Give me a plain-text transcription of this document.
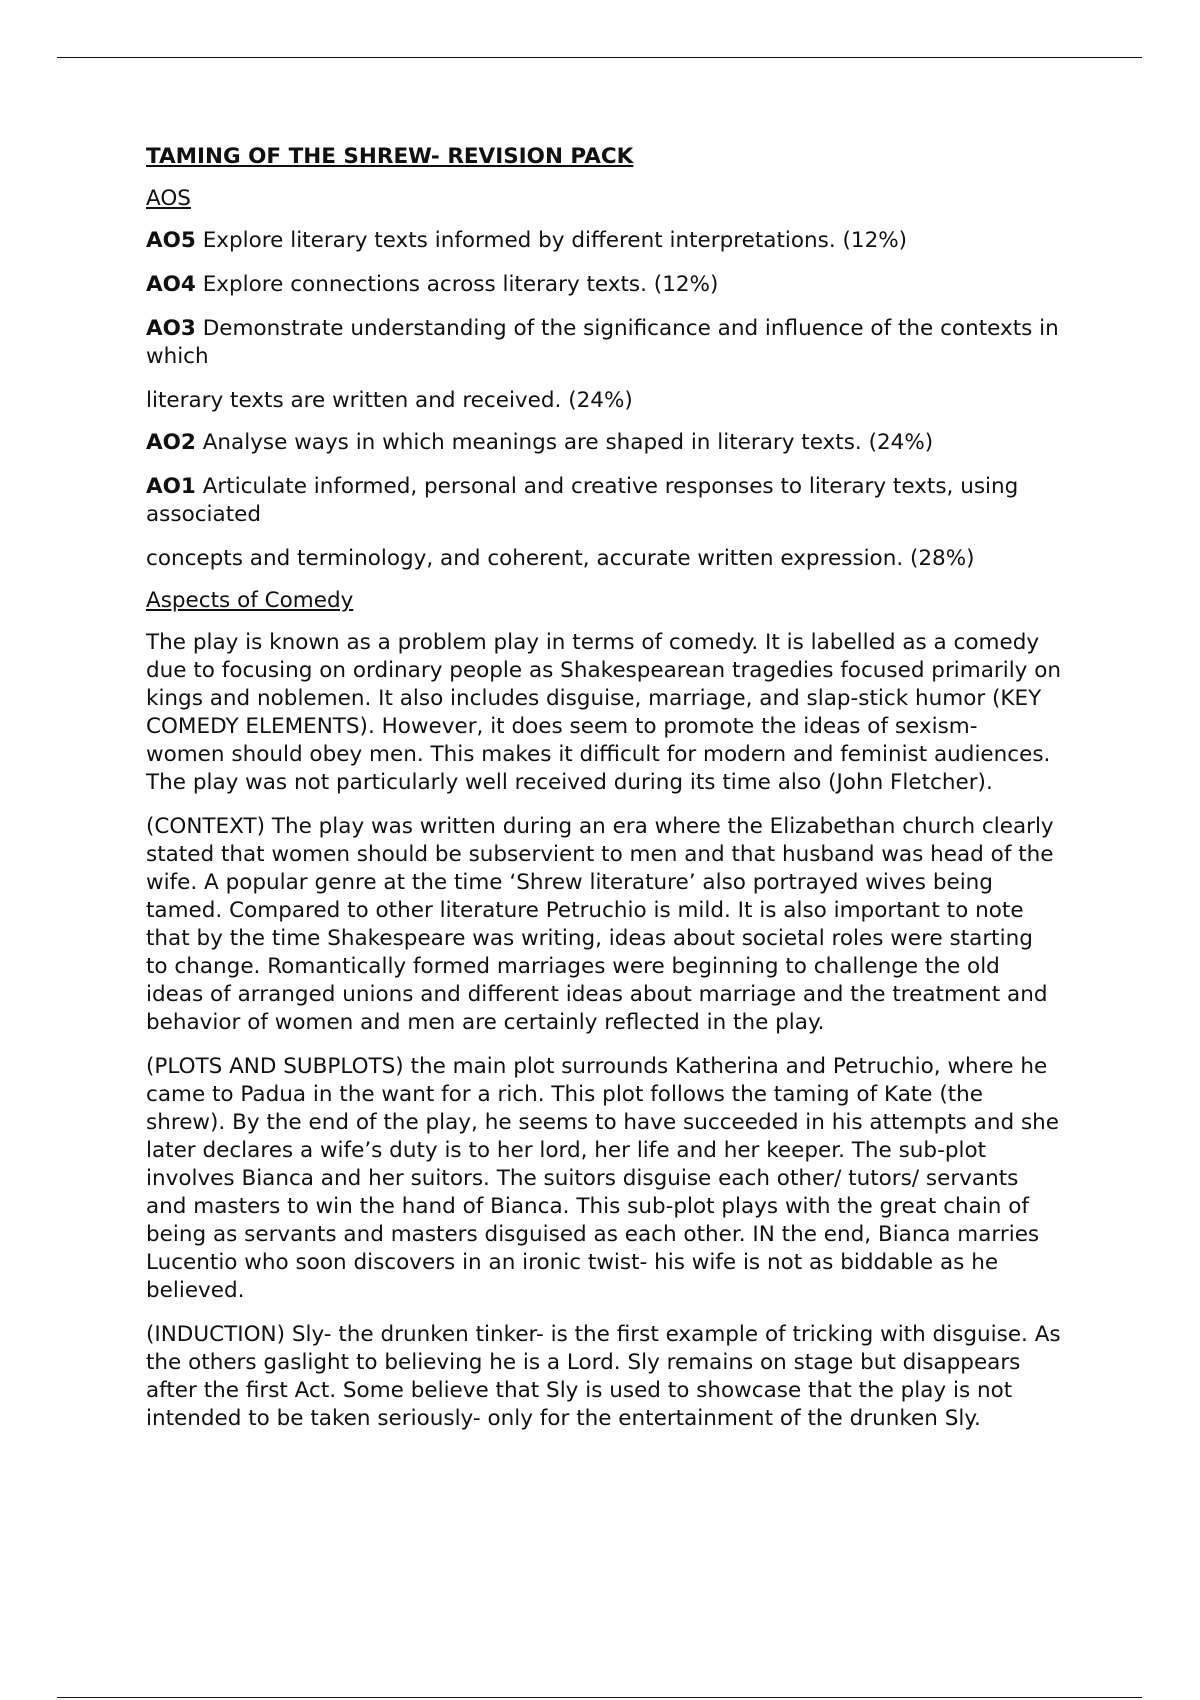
TAMING OF THE SHREW- REVISION PACK

AOS

AO5 Explore literary texts informed by different interpretations. (12%)

AO4 Explore connections across literary texts. (12%)

AO3 Demonstrate understanding of the significance and influence of the contexts in which

literary texts are written and received. (24%)

AO2 Analyse ways in which meanings are shaped in literary texts. (24%)

AO1 Articulate informed, personal and creative responses to literary texts, using associated

concepts and terminology, and coherent, accurate written expression. (28%)

Aspects of Comedy

The play is known as a problem play in terms of comedy. It is labelled as a comedy due to focusing on ordinary people as Shakespearean tragedies focused primarily on kings and noblemen. It also includes disguise, marriage, and slap-stick humor (KEY COMEDY ELEMENTS). However, it does seem to promote the ideas of sexism- women should obey men. This makes it difficult for modern and feminist audiences. The play was not particularly well received during its time also (John Fletcher).

(CONTEXT) The play was written during an era where the Elizabethan church clearly stated that women should be subservient to men and that husband was head of the wife. A popular genre at the time ‘Shrew literature’ also portrayed wives being tamed. Compared to other literature Petruchio is mild. It is also important to note that by the time Shakespeare was writing, ideas about societal roles were starting to change. Romantically formed marriages were beginning to challenge the old ideas of arranged unions and different ideas about marriage and the treatment and behavior of women and men are certainly reflected in the play.

(PLOTS AND SUBPLOTS) the main plot surrounds Katherina and Petruchio, where he came to Padua in the want for a rich. This plot follows the taming of Kate (the shrew). By the end of the play, he seems to have succeeded in his attempts and she later declares a wife’s duty is to her lord, her life and her keeper. The sub-plot involves Bianca and her suitors. The suitors disguise each other/ tutors/ servants and masters to win the hand of Bianca. This sub-plot plays with the great chain of being as servants and masters disguised as each other. IN the end, Bianca marries Lucentio who soon discovers in an ironic twist- his wife is not as biddable as he believed.

(INDUCTION) Sly- the drunken tinker- is the first example of tricking with disguise. As the others gaslight to believing he is a Lord. Sly remains on stage but disappears after the first Act. Some believe that Sly is used to showcase that the play is not intended to be taken seriously- only for the entertainment of the drunken Sly.
